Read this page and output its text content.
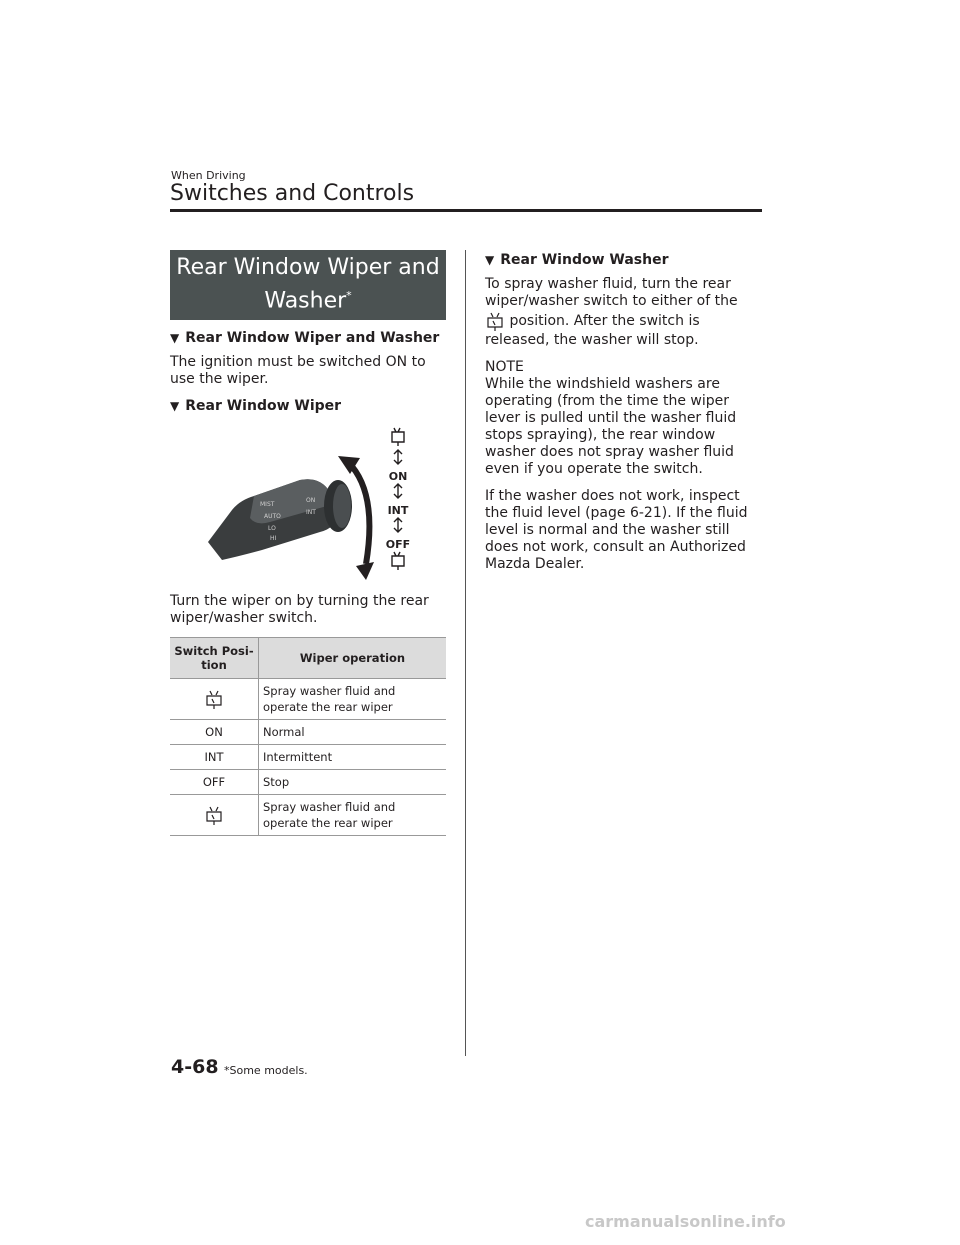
When Driving
Switches and Controls
Rear Window Wiper and Washer*
▼ Rear Window Wiper and Washer

The ignition must be switched ON to use the wiper.

▼ Rear Window Wiper
MIST
AUTO
LO
HI
ON
INT
ON
INT
OFF

Turn the wiper on by turning the rear wiper/washer switch.

Switch Posi-tion	Wiper operation
	Spray washer fluid and operate the rear wiper
ON	Normal
INT	Intermittent
OFF	Stop
	Spray washer fluid and operate the rear wiper
▼ Rear Window Washer

To spray washer fluid, turn the rear wiper/washer switch to either of the
position. After the switch is released, the washer will stop.

NOTE

While the windshield washers are operating (from the time the wiper lever is pulled until the washer fluid stops spraying), the rear window washer does not spray washer fluid even if you operate the switch.

If the washer does not work, inspect the fluid level (page 6-21). If the fluid level is normal and the washer still does not work, consult an Authorized Mazda Dealer.

4-68 *Some models.
carmanualsonline.info
